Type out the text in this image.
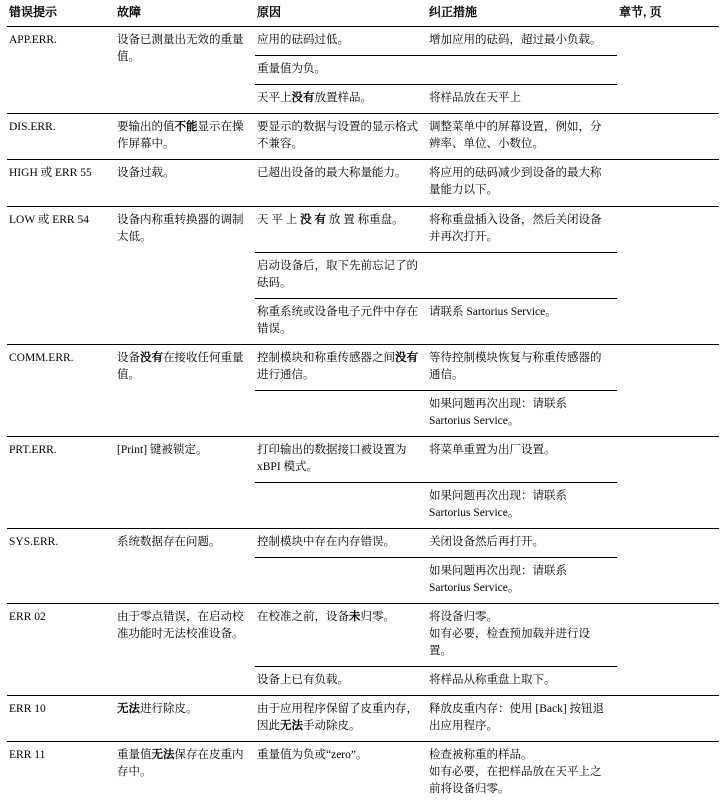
错误提示	故障	原因	纠正措施	章节, 页
APP.ERR.	设备已测量出无效的重量值。	应用的砝码过低。	增加应用的砝码，超过最小负载。	
		重量值为负。		
		天平上没有放置样品。	将样品放在天平上	
DIS.ERR.	要输出的值不能显示在操作屏幕中。	要显示的数据与设置的显示格式不兼容。	调整菜单中的屏幕设置，例如，分辨率、单位、小数位。	
HIGH 或 ERR 55	设备过载。	已超出设备的最大称量能力。	将应用的砝码减少到设备的最大称量能力以下。	
LOW 或 ERR 54	设备内称重转换器的调制太低。	天 平 上 没 有 放 置 称重盘。	将称重盘插入设备，然后关闭设备并再次打开。	
		启动设备后，取下先前忘记了的砝码。		
		称重系统或设备电子元件中存在错误。	请联系 Sartorius Service。	
COMM.ERR.	设备没有在接收任何重量值。	控制模块和称重传感器之间没有进行通信。	等待控制模块恢复与称重传感器的通信。	
			如果问题再次出现：请联系 Sartorius Service。	
PRT.ERR.	[Print] 键被锁定。	打印输出的数据接口被设置为 xBPI 模式。	将菜单重置为出厂设置。	
			如果问题再次出现：请联系 Sartorius Service。	
SYS.ERR.	系统数据存在问题。	控制模块中存在内存错误。	关闭设备然后再打开。	
			如果问题再次出现：请联系 Sartorius Service。	
ERR 02	由于零点错误，在启动校准功能时无法校准设备。	在校准之前，设备未归零。	将设备归零。
如有必要，检查预加载并进行设置。	
		设备上已有负载。	将样品从称重盘上取下。	
ERR 10	无法进行除皮。	由于应用程序保留了皮重内存，因此无法手动除皮。	释放皮重内存：使用 [Back] 按钮退出应用程序。	
ERR 11	重量值无法保存在皮重内存中。	重量值为负或“zero”。	检查被称重的样品。
如有必要，在把样品放在天平上之前将设备归零。	
